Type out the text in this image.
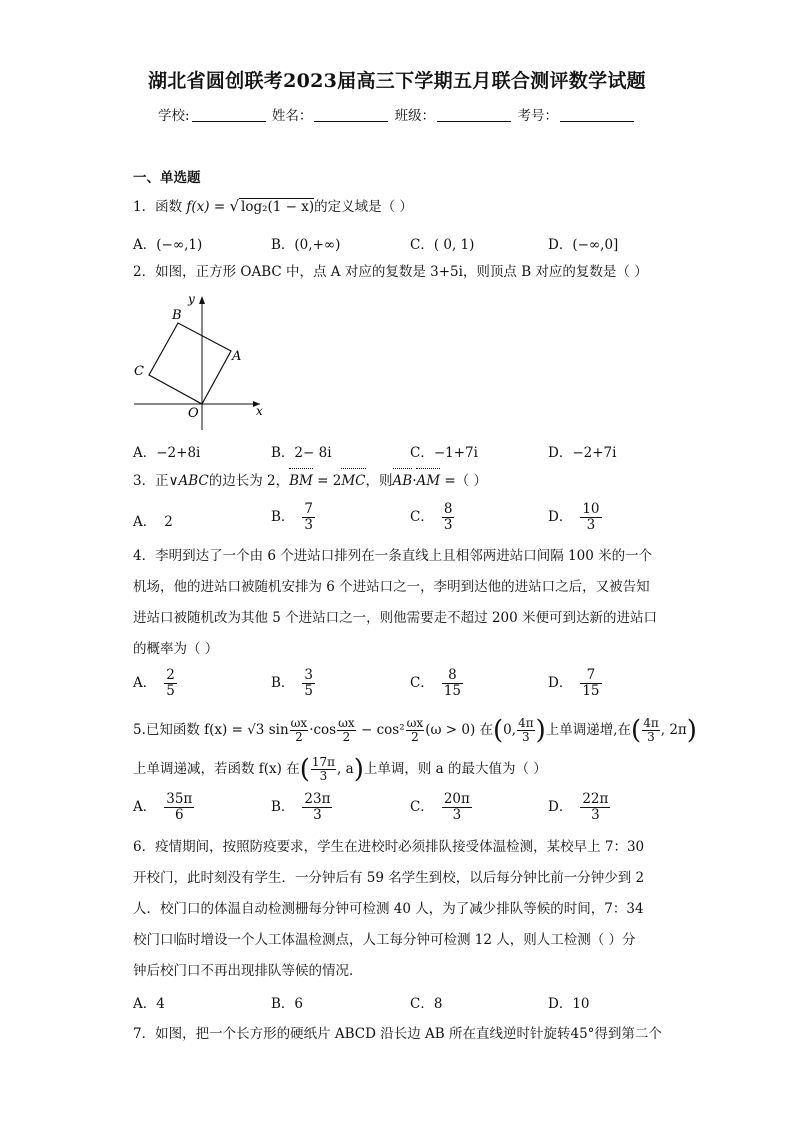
湖北省圆创联考2023届高三下学期五月联合测评数学试题
学校:	姓名：	班级：	考号：
一、单选题
1．函数 f(x) = √ log₂(1 − x)的定义域是（ ）
A．(−∞,1)	B．(0,+∞)	C．( 0, 1)	D．(−∞,0]
2．如图，正方形 OABC 中，点 A 对应的复数是 3+5i，则顶点 B 对应的复数是（ ）
B
A
C
O	x
y
A．−2+8i	B．2− 8i	C．−1+7i	D．−2+7i
3．正∨ABC的边长为 2，BM = 2MC，则AB·AM =（ ）
A． 2	B． $\frac{7}{3}$	C． $\frac{8}{3}$	D． $\frac{10}{3}$
4．李明到达了一个由 6 个进站口排列在一条直线上且相邻两进站口间隔 100 米的一个
机场，他的进站口被随机安排为 6 个进站口之一，李明到达他的进站口之后，又被告知
进站口被随机改为其他 5 个进站口之一，则他需要走不超过 200 米便可到达新的进站口
的概率为（ ）
A． $\frac{2}{5}$	B． $\frac{3}{5}$	C． $\frac{8}{15}$	D． $\frac{7}{15}$
5.已知函数 f(x) = √3 $\sin \frac{\omega x}{2} \cdot\cos \frac{\omega x}{2} - \cos^2 \frac{\omega x}{2} (\omega > 0)$ 在(0, $\frac{4\pi}{3}$ )上单调递增,在( $\frac{4\pi}{3}$ , 2π)
上单调递减，若函数 f(x) 在( $\frac{17\pi}{3}$ , a)上单调，则 a 的最大值为（ ）
A． $\frac{35\pi}{6}$	B． $\frac{23\pi}{3}$	C． $\frac{20\pi}{3}$	D． $\frac{22\pi}{3}$
6．疫情期间，按照防疫要求，学生在进校时必须排队接受体温检测，某校早上 7：30
开校门，此时刻没有学生．一分钟后有 59 名学生到校，以后每分钟比前一分钟少到 2
人．校门口的体温自动检测栅每分钟可检测 40 人，为了减少排队等候的时间，7：34
校门口临时增设一个人工体温检测点，人工每分钟可检测 12 人，则人工检测（ ）分
钟后校门口不再出现排队等候的情况．
A．4	B．6	C．8	D．10
7．如图，把一个长方形的硬纸片 ABCD 沿长边 AB 所在直线逆时针旋转45°得到第二个
